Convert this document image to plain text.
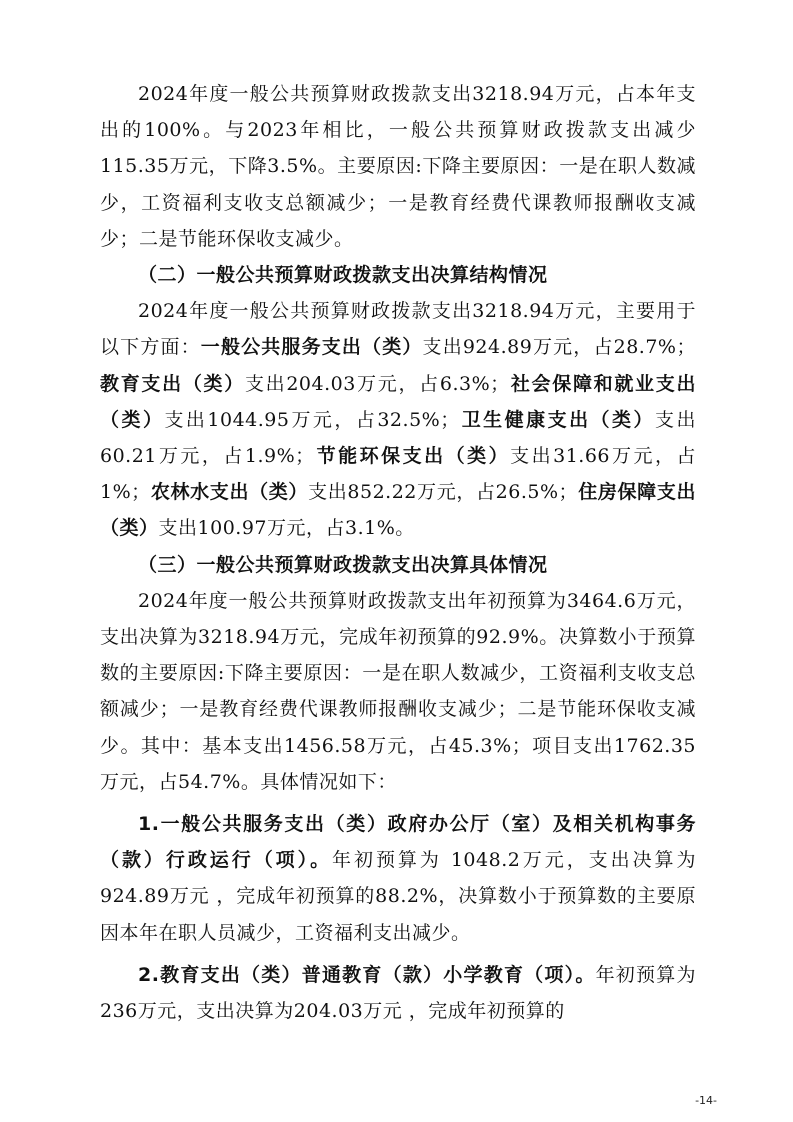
2024年度一般公共预算财政拨款支出3218.94万元，占本年支出的100%。与2023年相比，一般公共预算财政拨款支出减少115.35万元，下降3.5%。主要原因:下降主要原因：一是在职人数减少，工资福利支收支总额减少；一是教育经费代课教师报酬收支减少；二是节能环保收支减少。

（二）一般公共预算财政拨款支出决算结构情况

2024年度一般公共预算财政拨款支出3218.94万元，主要用于以下方面：一般公共服务支出（类）支出924.89万元，占28.7%；教育支出（类）支出204.03万元，占6.3%；社会保障和就业支出（类）支出1044.95万元，占32.5%；卫生健康支出（类）支出60.21万元，占1.9%；节能环保支出（类）支出31.66万元，占1%；农林水支出（类）支出852.22万元，占26.5%；住房保障支出（类）支出100.97万元，占3.1%。

（三）一般公共预算财政拨款支出决算具体情况

2024年度一般公共预算财政拨款支出年初预算为3464.6万元，支出决算为3218.94万元，完成年初预算的92.9%。决算数小于预算数的主要原因:下降主要原因：一是在职人数减少，工资福利支收支总额减少；一是教育经费代课教师报酬收支减少；二是节能环保收支减少。其中：基本支出1456.58万元，占45.3%；项目支出1762.35万元，占54.7%。具体情况如下：

1.一般公共服务支出（类）政府办公厅（室）及相关机构事务（款）行政运行（项）。年初预算为 1048.2万元，支出决算为924.89万元 ，完成年初预算的88.2%，决算数小于预算数的主要原因本年在职人员减少，工资福利支出减少。

2.教育支出（类）普通教育（款）小学教育（项）。年初预算为 236万元，支出决算为204.03万元 ，完成年初预算的

-14-
